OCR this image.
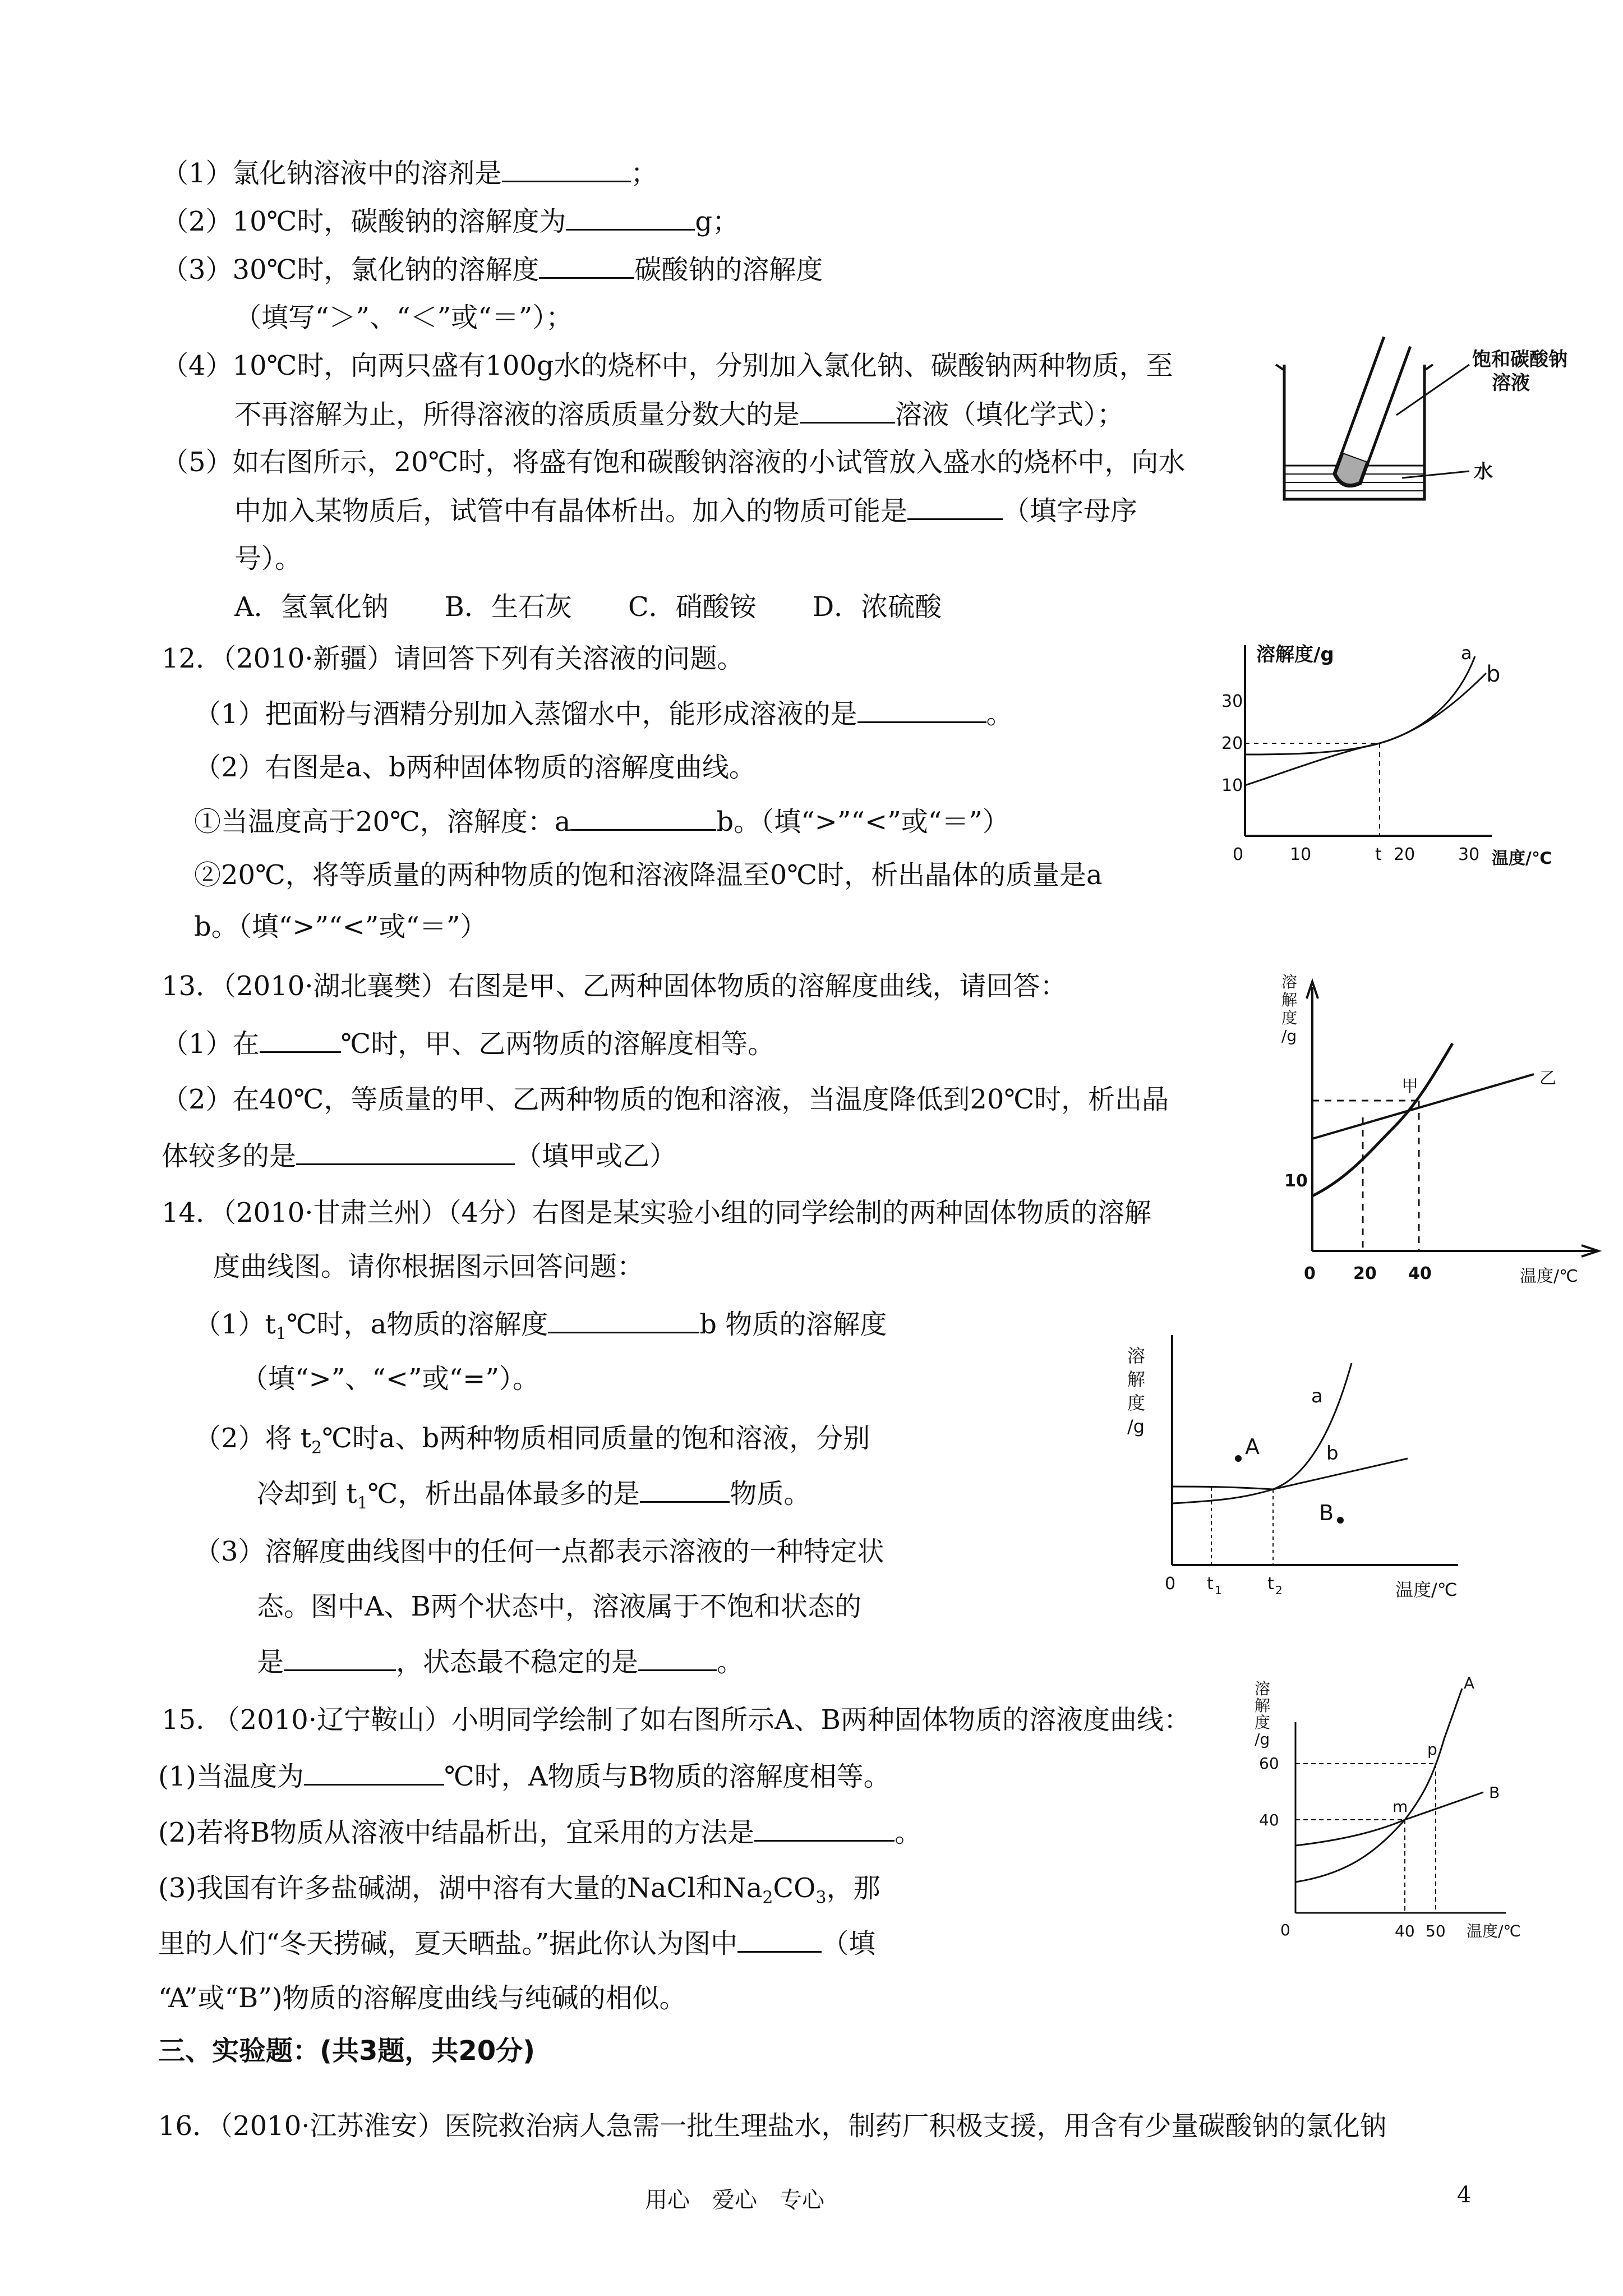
（1）氯化钠溶液中的溶剂是	；
（2）10℃时，碳酸钠的溶解度为	g；
（3）30℃时，氯化钠的溶解度	碳酸钠的溶解度
（填写“＞”、“＜”或“＝”）；
（4）10℃时，向两只盛有100g水的烧杯中，分别加入氯化钠、碳酸钠两种物质，至
不再溶解为止，所得溶液的溶质质量分数大的是	溶液（填化学式）；
（5）如右图所示，20℃时，将盛有饱和碳酸钠溶液的小试管放入盛水的烧杯中，向水
中加入某物质后，试管中有晶体析出。加入的物质可能是	（填字母序
号）。
A．氢氧化钠 B．生石灰 C．硝酸铵 D．浓硫酸
饱和碳酸钠
溶液
水
12．（2010·新疆）请回答下列有关溶液的问题。
（1）把面粉与酒精分别加入蒸馏水中，能形成溶液的是	。
（2）右图是a、b两种固体物质的溶解度曲线。
①当温度高于20℃，溶解度：a	b。（填“>”“<”或“＝”）
②20℃，将等质量的两种物质的饱和溶液降温至0℃时，析出晶体的质量是a
b。（填“>”“<”或“＝”）
溶解度/g
30
20
10
a
b
0	10	t 20	30 温度/℃
13．（2010·湖北襄樊）右图是甲、乙两种固体物质的溶解度曲线，请回答：
（1）在	℃时，甲、乙两物质的溶解度相等。
（2）在40℃，等质量的甲、乙两种物质的饱和溶液，当温度降低到20℃时，析出晶
体较多的是	（填甲或乙）
溶
解
度
/g
甲	乙
10
0 20 40	温度/℃
14．（2010·甘肃兰州）（4分）右图是某实验小组的同学绘制的两种固体物质的溶解
度曲线图。请你根据图示回答问题：
$(1)t_1℃$时，a物质的溶解度	b 物质的溶解度
（填“>”、“<”或“=”）。
（2）将 $t_2℃$时a、b两种物质相同质量的饱和溶液，分别
冷却到 $t_1℃$，析出晶体最多的是	物质。
（3）溶解度曲线图中的任何一点都表示溶液的一种特定状
态。图中A、B两个状态中，溶液属于不饱和状态的
是	，状态最不稳定的是	。
溶
解
度
/g
A
B
a
b
0 t 1	t 2	温度/℃
15. （2010·辽宁鞍山）小明同学绘制了如右图所示A、B两种固体物质的溶液度曲线：
(1)当温度为	℃时，A物质与B物质的溶解度相等。
(2)若将B物质从溶液中结晶析出，宜采用的方法是	。
(3)我国有许多盐碱湖，湖中溶有大量的NaCl和$Na_2CO_3$，那
里的人们“冬天捞碱，夏天晒盐。”据此你认为图中	（填
“A”或“B”)物质的溶解度曲线与纯碱的相似。
溶
解
度
/g
60
40
A
B
p
m
0	40 50 温度/℃
三、实验题：(共3题，共20分)
16．（2010·江苏淮安）医院救治病人急需一批生理盐水，制药厂积极支援，用含有少量碳酸钠的氯化钠
用心　爱心　专心	4
